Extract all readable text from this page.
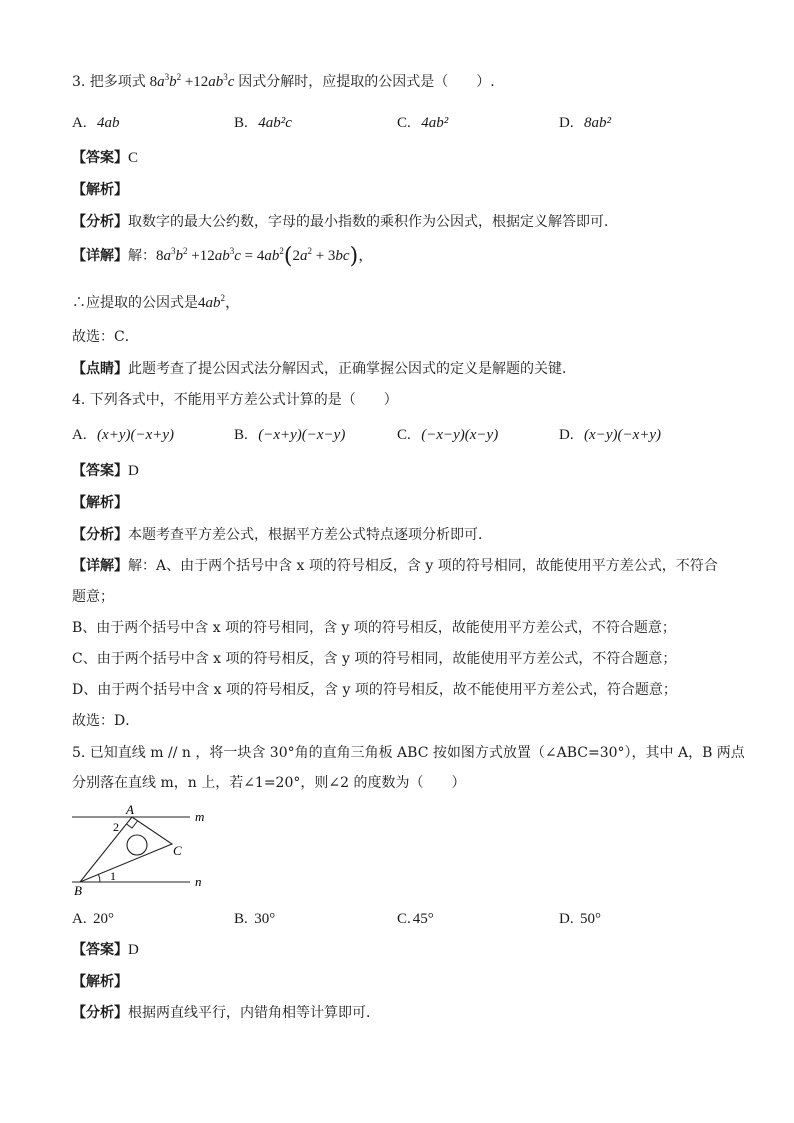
3. 把多项式 $8a^3b^2 +12ab^3c$ 因式分解时，应提取的公因式是（　　）.
A. 4ab	B. 4ab²c	C. 4ab²	D. 8ab²
【答案】C
【解析】
【分析】取数字的最大公约数，字母的最小指数的乘积作为公因式，根据定义解答即可．
【详解】解：$8a^3b^2 +12ab^3c = 4ab^2(2a^2 + 3bc)$，
∴应提取的公因式是$4ab^2$，
故选：C．
【点睛】此题考查了提公因式法分解因式，正确掌握公因式的定义是解题的关键．
4. 下列各式中，不能用平方差公式计算的是（　　）
A. (x+y)(−x+y)	B. (−x+y)(−x−y)	C. (−x−y)(x−y)	D. (x−y)(−x+y)
【答案】D
【解析】
【分析】本题考查平方差公式，根据平方差公式特点逐项分析即可．
【详解】解：A、由于两个括号中含 x 项的符号相反，含 y 项的符号相同，故能使用平方差公式，不符合
题意；
B、由于两个括号中含 x 项的符号相同，含 y 项的符号相反，故能使用平方差公式，不符合题意；
C、由于两个括号中含 x 项的符号相反，含 y 项的符号相同，故能使用平方差公式，不符合题意；
D、由于两个括号中含 x 项的符号相反，含 y 项的符号相反，故不能使用平方差公式，符合题意；
故选：D．
5. 已知直线 m // n ，将一块含 30°角的直角三角板 ABC 按如图方式放置（∠ABC=30°），其中 A，B 两点
分别落在直线 m，n 上，若∠1=20°，则∠2 的度数为（　　）
A
B
C
m
n
2
1
A. 20°	B. 30°	C. 45°	D. 50°
【答案】D
【解析】
【分析】根据两直线平行，内错角相等计算即可．
